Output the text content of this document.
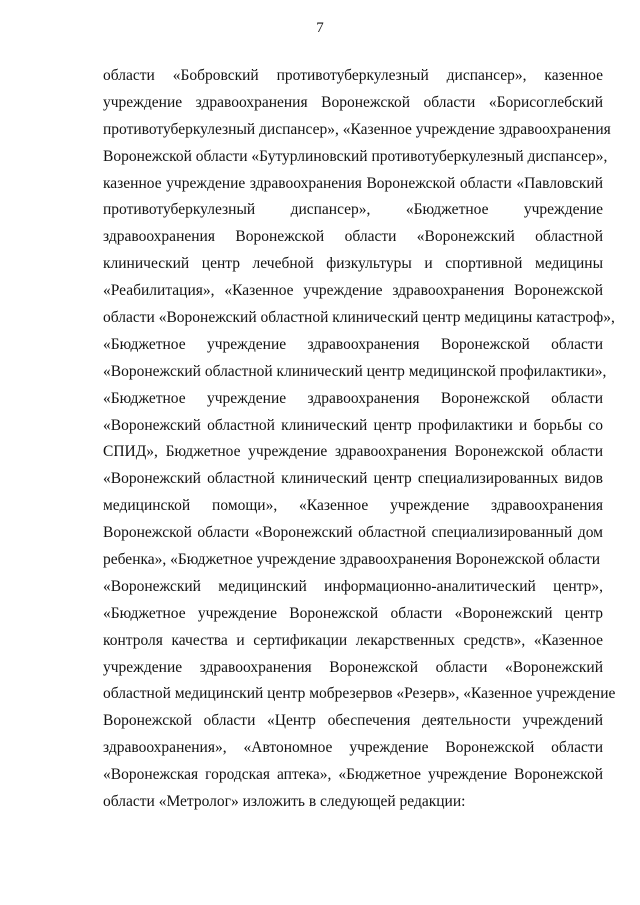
7
области «Бобровский противотуберкулезный диспансер», казенное
учреждение здравоохранения Воронежской области «Борисоглебский
противотуберкулезный диспансер», «Казенное учреждение здравоохранения
Воронежской области «Бутурлиновский противотуберкулезный диспансер»,
казенное учреждение здравоохранения Воронежской области «Павловский
противотуберкулезный диспансер», «Бюджетное учреждение
здравоохранения Воронежской области «Воронежский областной
клинический центр лечебной физкультуры и спортивной медицины
«Реабилитация», «Казенное учреждение здравоохранения Воронежской
области «Воронежский областной клинический центр медицины катастроф»,
«Бюджетное учреждение здравоохранения Воронежской области
«Воронежский областной клинический центр медицинской профилактики»,
«Бюджетное учреждение здравоохранения Воронежской области
«Воронежский областной клинический центр профилактики и борьбы со
СПИД», Бюджетное учреждение здравоохранения Воронежской области
«Воронежский областной клинический центр специализированных видов
медицинской помощи», «Казенное учреждение здравоохранения
Воронежской области «Воронежский областной специализированный дом
ребенка», «Бюджетное учреждение здравоохранения Воронежской области
«Воронежский медицинский информационно-аналитический центр»,
«Бюджетное учреждение Воронежской области «Воронежский центр
контроля качества и сертификации лекарственных средств», «Казенное
учреждение здравоохранения Воронежской области «Воронежский
областной медицинский центр мобрезервов «Резерв», «Казенное учреждение
Воронежской области «Центр обеспечения деятельности учреждений
здравоохранения», «Автономное учреждение Воронежской области
«Воронежская городская аптека», «Бюджетное учреждение Воронежской
области «Метролог» изложить в следующей редакции:
